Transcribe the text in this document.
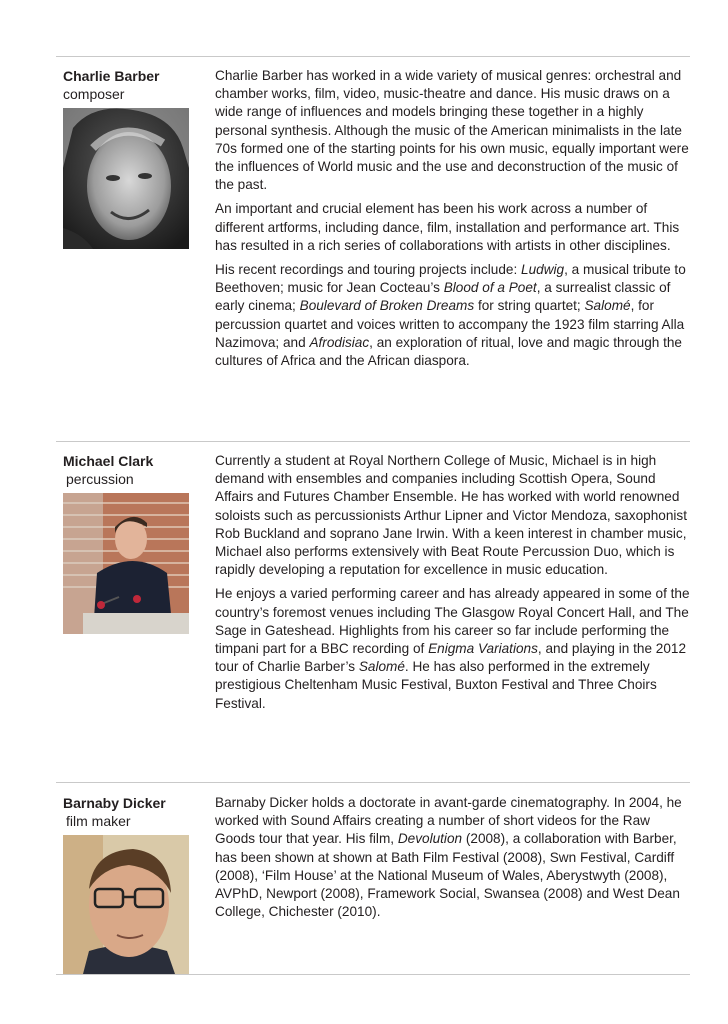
Charlie Barber
composer

Charlie Barber has worked in a wide variety of musical genres: orchestral and chamber works, film, video, music-theatre and dance. His music draws on a wide range of influences and models bringing these together in a highly personal synthesis. Although the music of the American minimalists in the late 70s formed one of the starting points for his own music, equally important were the influences of World music and the use and deconstruction of the music of the past.

An important and crucial element has been his work across a number of different artforms, including dance, film, installation and performance art. This has resulted in a rich series of collaborations with artists in other disciplines.

His recent recordings and touring projects include: Ludwig, a musical tribute to Beethoven; music for Jean Cocteau’s Blood of a Poet, a surrealist classic of early cinema; Boulevard of Broken Dreams for string quartet; Salomé, for percussion quartet and voices written to accompany the 1923 film starring Alla Nazimova; and Afrodisiac, an exploration of ritual, love and magic through the cultures of Africa and the African diaspora.

Michael Clark
percussion

Currently a student at Royal Northern College of Music, Michael is in high demand with ensembles and companies including Scottish Opera, Sound Affairs and Futures Chamber Ensemble. He has worked with world renowned soloists such as percussionists Arthur Lipner and Victor Mendoza, saxophonist Rob Buckland and soprano Jane Irwin. With a keen interest in chamber music, Michael also performs extensively with Beat Route Percussion Duo, which is rapidly developing a reputation for excellence in music education.

He enjoys a varied performing career and has already appeared in some of the country’s foremost venues including The Glasgow Royal Concert Hall, and The Sage in Gateshead. Highlights from his career so far include performing the timpani part for a BBC recording of Enigma Variations, and playing in the 2012 tour of Charlie Barber’s Salomé. He has also performed in the extremely prestigious Cheltenham Music Festival, Buxton Festival and Three Choirs Festival.

Barnaby Dicker
film maker

Barnaby Dicker holds a doctorate in avant-garde cinematography. In 2004, he worked with Sound Affairs creating a number of short videos for the Raw Goods tour that year. His film, Devolution (2008), a collaboration with Barber, has been shown at shown at Bath Film Festival (2008), Swn Festival, Cardiff (2008), ‘Film House’ at the National Museum of Wales, Aberystwyth (2008), AVPhD, Newport (2008), Framework Social, Swansea (2008) and West Dean College, Chichester (2010).
